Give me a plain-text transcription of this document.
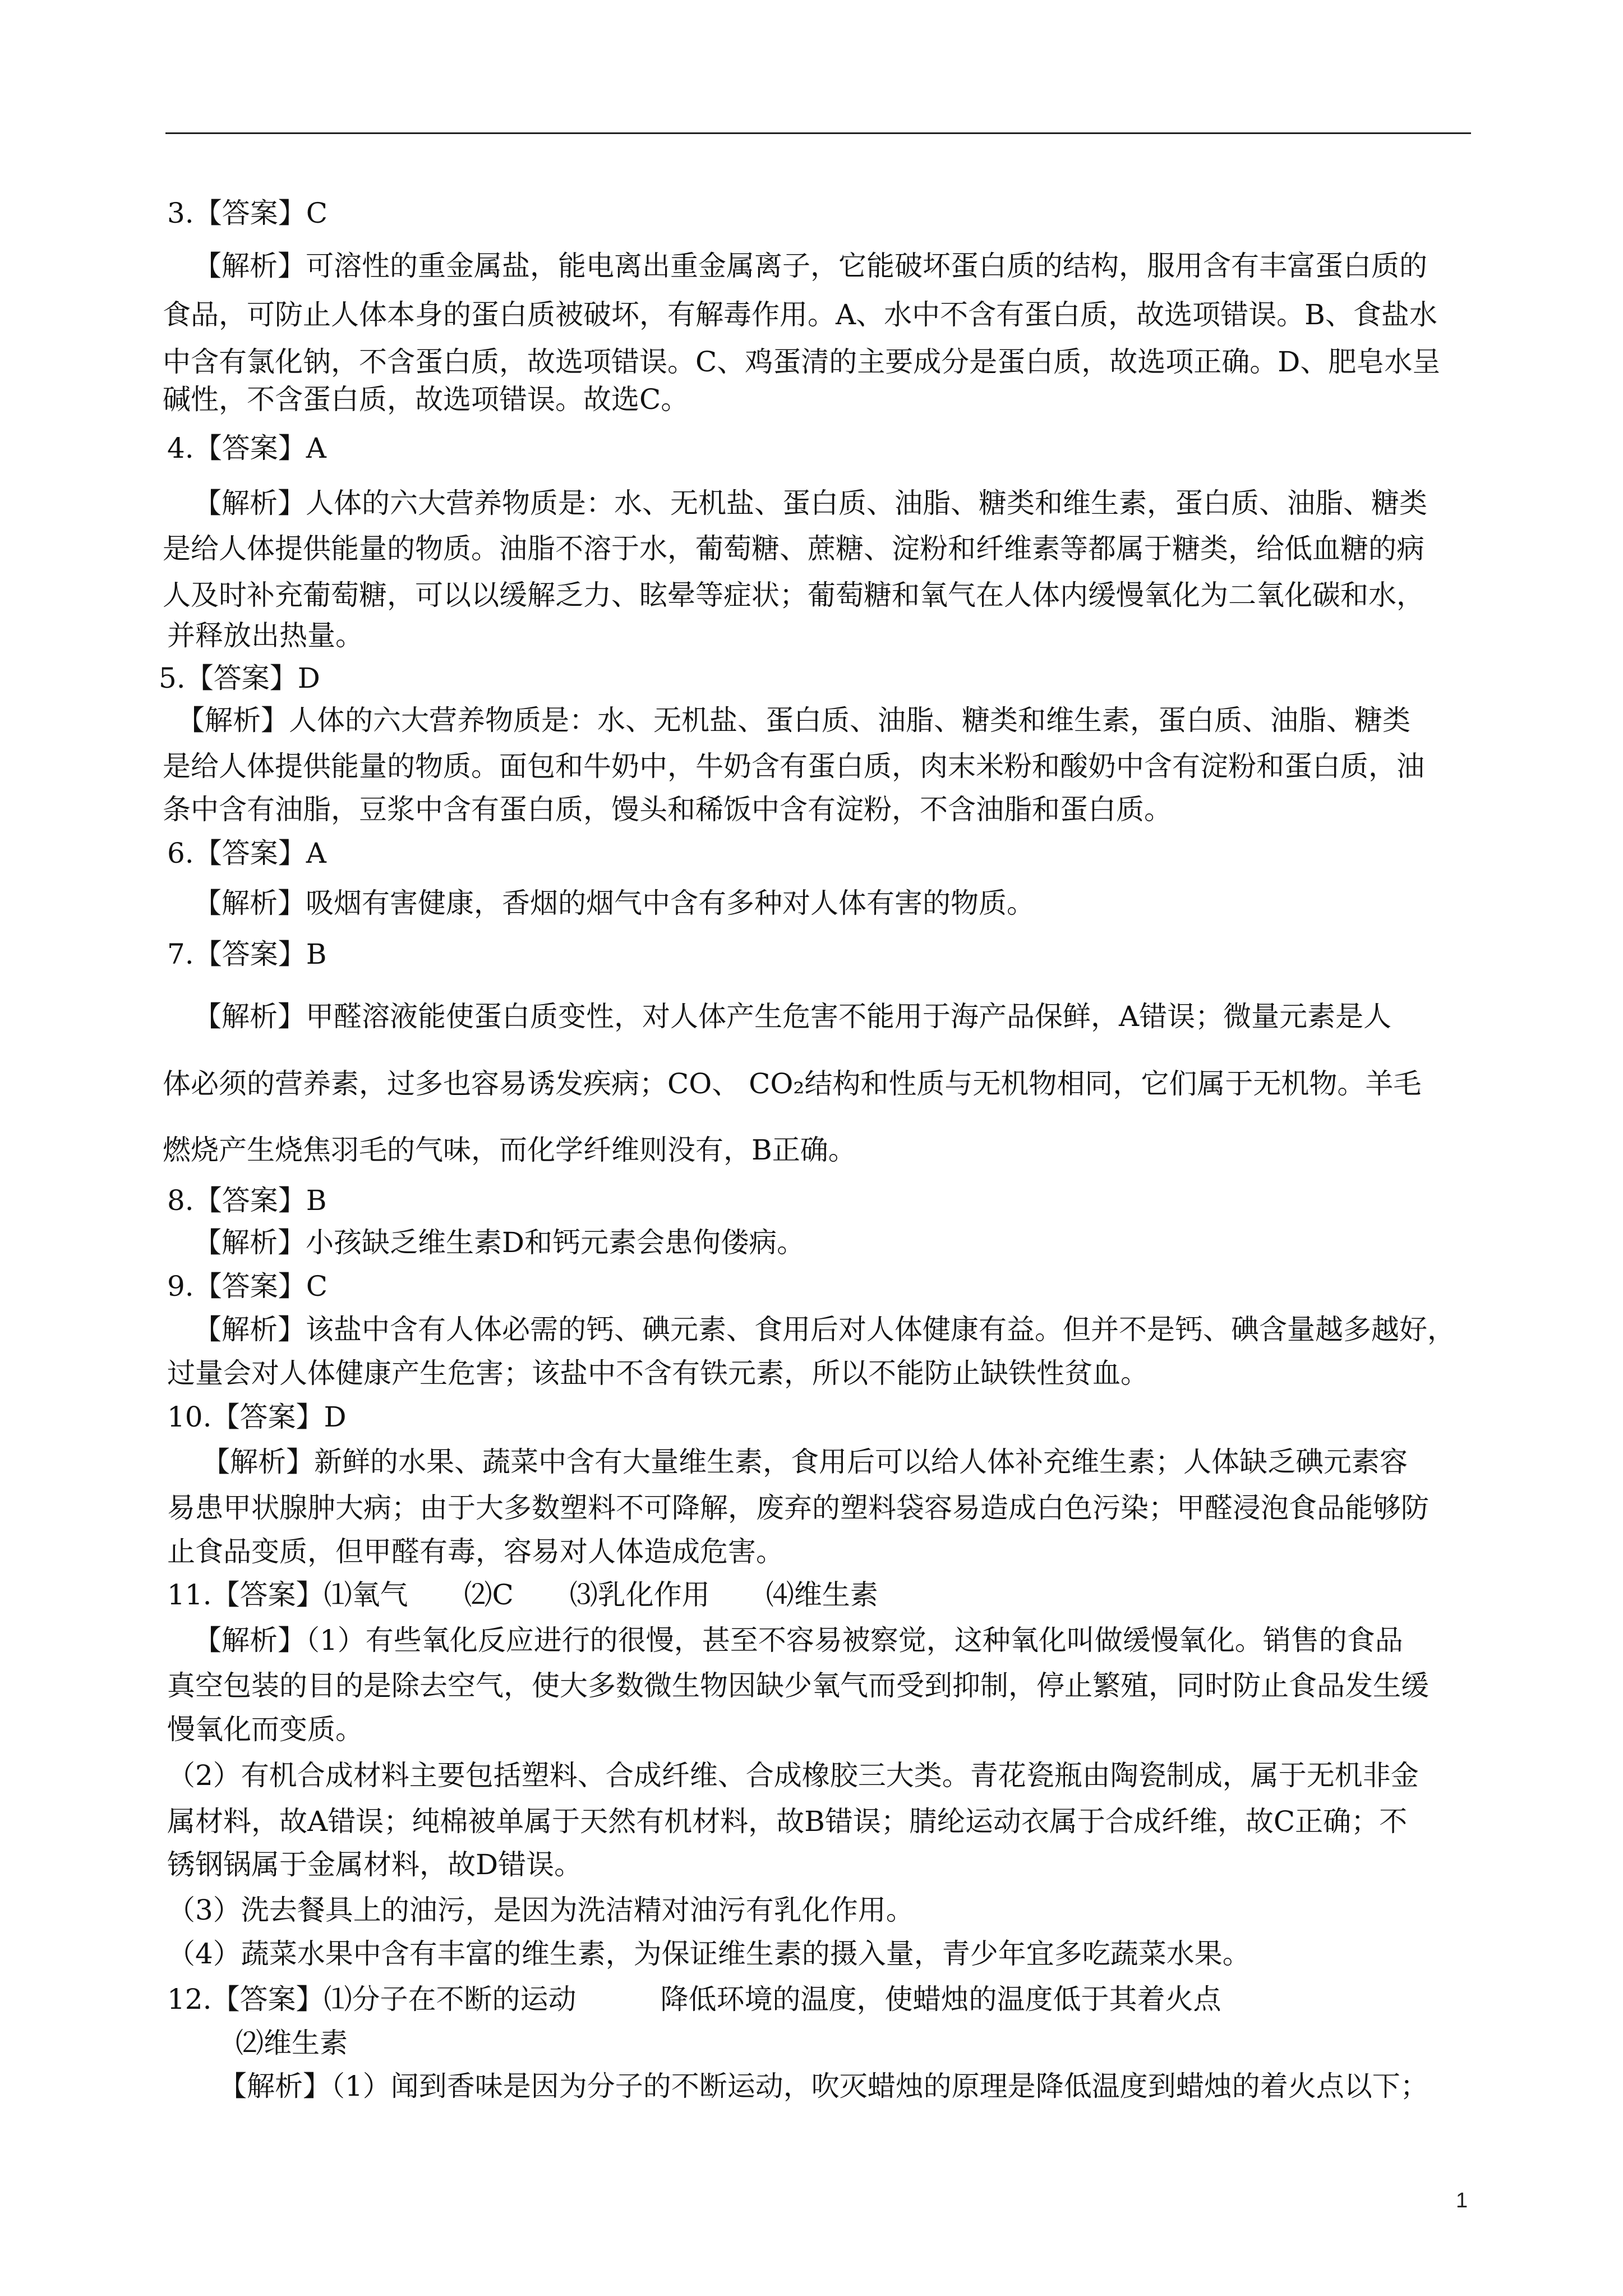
3.【答案】C
【解析】可溶性的重金属盐，能电离出重金属离子，它能破坏蛋白质的结构，服用含有丰富蛋白质的
食品，可防止人体本身的蛋白质被破坏，有解毒作用。A、水中不含有蛋白质，故选项错误。B、食盐水
中含有氯化钠，不含蛋白质，故选项错误。C、鸡蛋清的主要成分是蛋白质，故选项正确。D、肥皂水呈
碱性，不含蛋白质，故选项错误。故选C。
4.【答案】A
【解析】人体的六大营养物质是：水、无机盐、蛋白质、油脂、糖类和维生素，蛋白质、油脂、糖类
是给人体提供能量的物质。油脂不溶于水，葡萄糖、蔗糖、淀粉和纤维素等都属于糖类，给低血糖的病
人及时补充葡萄糖，可以以缓解乏力、眩晕等症状；葡萄糖和氧气在人体内缓慢氧化为二氧化碳和水，
并释放出热量。
5.【答案】D
【解析】人体的六大营养物质是：水、无机盐、蛋白质、油脂、糖类和维生素，蛋白质、油脂、糖类
是给人体提供能量的物质。面包和牛奶中，牛奶含有蛋白质，肉末米粉和酸奶中含有淀粉和蛋白质，油
条中含有油脂，豆浆中含有蛋白质，馒头和稀饭中含有淀粉，不含油脂和蛋白质。
6.【答案】A
【解析】吸烟有害健康，香烟的烟气中含有多种对人体有害的物质。
7.【答案】B
【解析】甲醛溶液能使蛋白质变性，对人体产生危害不能用于海产品保鲜，A错误；微量元素是人
体必须的营养素，过多也容易诱发疾病；CO、 CO₂结构和性质与无机物相同，它们属于无机物。羊毛
燃烧产生烧焦羽毛的气味，而化学纤维则没有，B正确。
8.【答案】B
【解析】小孩缺乏维生素D和钙元素会患佝偻病。
9.【答案】C
【解析】该盐中含有人体必需的钙、碘元素、食用后对人体健康有益。但并不是钙、碘含量越多越好，
过量会对人体健康产生危害；该盐中不含有铁元素，所以不能防止缺铁性贫血。
10.【答案】D
【解析】新鲜的水果、蔬菜中含有大量维生素，食用后可以给人体补充维生素；人体缺乏碘元素容
易患甲状腺肿大病；由于大多数塑料不可降解，废弃的塑料袋容易造成白色污染；甲醛浸泡食品能够防
止食品变质，但甲醛有毒，容易对人体造成危害。
11.【答案】⑴氧气　　⑵C　　⑶乳化作用　　⑷维生素
【解析】（1）有些氧化反应进行的很慢，甚至不容易被察觉，这种氧化叫做缓慢氧化。销售的食品
真空包装的目的是除去空气，使大多数微生物因缺少氧气而受到抑制，停止繁殖，同时防止食品发生缓
慢氧化而变质。
（2）有机合成材料主要包括塑料、合成纤维、合成橡胶三大类。青花瓷瓶由陶瓷制成，属于无机非金
属材料，故A错误；纯棉被单属于天然有机材料，故B错误；腈纶运动衣属于合成纤维，故C正确；不
锈钢锅属于金属材料，故D错误。
（3）洗去餐具上的油污，是因为洗洁精对油污有乳化作用。
（4）蔬菜水果中含有丰富的维生素，为保证维生素的摄入量，青少年宜多吃蔬菜水果。
12.【答案】⑴分子在不断的运动　　　降低环境的温度，使蜡烛的温度低于其着火点
⑵维生素
【解析】（1）闻到香味是因为分子的不断运动，吹灭蜡烛的原理是降低温度到蜡烛的着火点以下；
1
